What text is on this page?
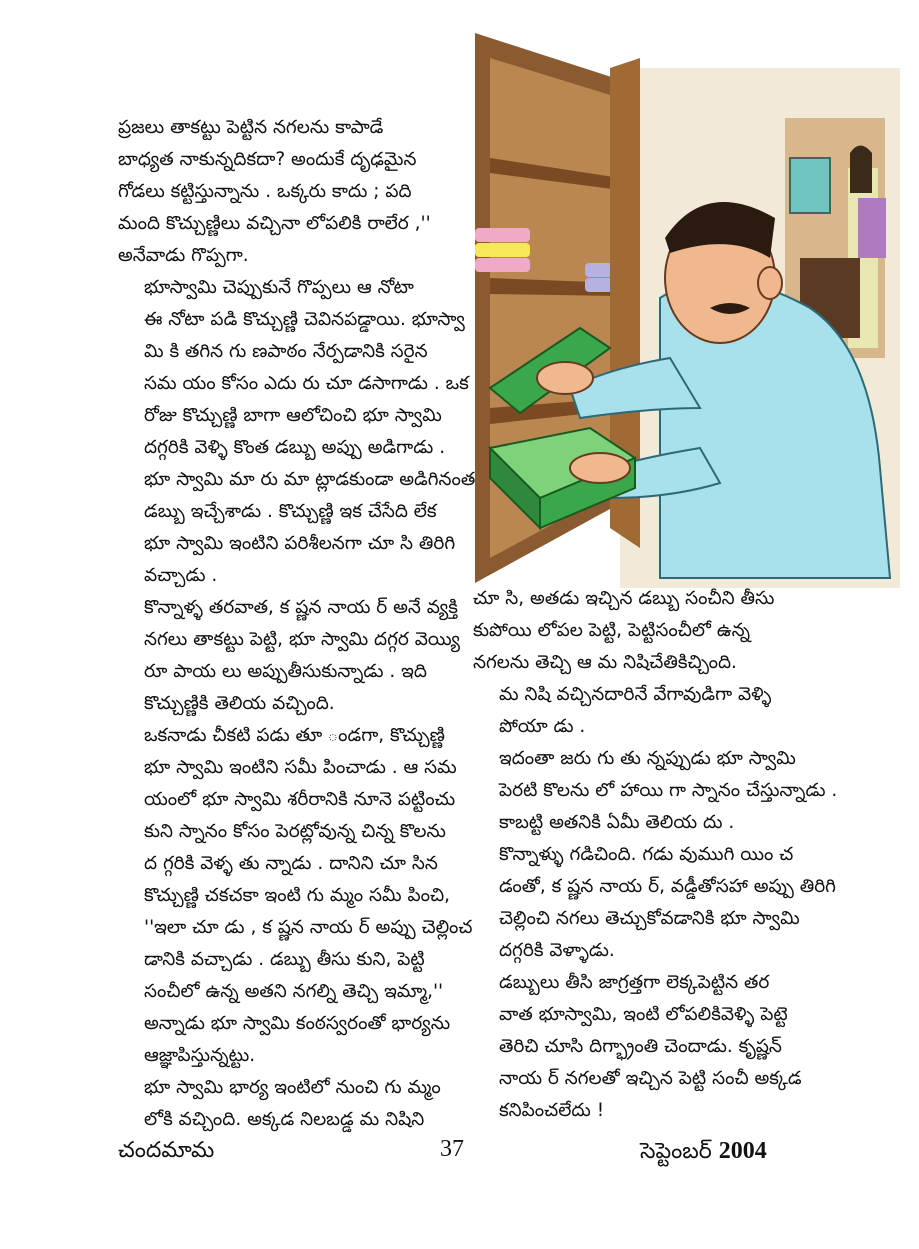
ప్రజలు తాకట్టు పెట్టిన నగలను కాపాడే
బాధ్యత నాకున్నదికదా? అందుకే దృఢమైన
గోడలు కట్టిస్తున్నాను . ఒక్కరు కాదు ; పది
మంది కొచ్చుణ్ణిలు వచ్చినా లోపలికి రాలేర ,''
అనేవాడు గొప్పగా.

భూస్వామి చెప్పుకునే గొప్పలు ఆ నోటా
ఈ నోటా పడి కొచ్చుణ్ణి చెవినపడ్డాయి. భూస్వా
మి కి తగిన గు ణపాఠం నేర్పడానికి సరైన
సమ యం కోసం ఎదు రు చూ డసాగాడు . ఒక
రోజు కొచ్చుణ్ణి బాగా ఆలోచించి భూ స్వామి
దగ్గరికి వెళ్ళి కొంత డబ్బు అప్పు అడిగాడు .
భూ స్వామి మా రు మా ట్లాడకుండా అడిగినంత
డబ్బు ఇచ్చేశాడు . కొచ్చుణ్ణి ఇక చేసేది లేక
భూ స్వామి ఇంటిని పరిశీలనగా చూ సి తిరిగి
వచ్చాడు .

కొన్నాళ్ళ తరవాత, క ష్ణన నాయ ర్ అనే వ్యక్తి
నగలు తాకట్టు పెట్టి, భూ స్వామి దగ్గర వెయ్యి
రూ పాయ లు అప్పుతీసుకున్నాడు . ఇది
కొచ్చుణ్ణికి తెలియ వచ్చింది.

ఒకనాడు చీకటి పడు తూ ండగా, కొచ్చుణ్ణి
భూ స్వామి ఇంటిని సమీ పించాడు . ఆ సమ
యంలో భూ స్వామి శరీరానికి నూనె పట్టించు
కుని స్నానం కోసం పెరట్లోవున్న చిన్న కొలను
ద గ్గరికి వెళ్ళ తు న్నాడు . దానిని చూ సిన
కొచ్చుణ్ణి చకచకా ఇంటి గు మ్మం సమీ పించి,
''ఇలా చూ డు , క ష్ణన నాయ ర్ అప్పు చెల్లించ
డానికి వచ్చాడు . డబ్బు తీసు కుని, పెట్టి
సంచీలో ఉన్న అతని నగల్ని తెచ్చి ఇమ్మా,''
అన్నాడు భూ స్వామి కంఠస్వరంతో భార్యను
ఆజ్ఞాపిస్తున్నట్టు.

భూ స్వామి భార్య ఇంటిలో నుంచి గు మ్మం
లోకి వచ్చింది. అక్కడ నిలబడ్డ మ నిషిని

చూ సి, అతడు ఇచ్చిన డబ్బు సంచీని తీసు
కుపోయి లోపల పెట్టి, పెట్టిసంచీలో ఉన్న
నగలను తెచ్చి ఆ మ నిషిచేతికిచ్చింది.

మ నిషి వచ్చినదారినే వేగావుడిగా వెళ్ళి
పోయా డు .

ఇదంతా జరు గు తు న్నప్పుడు భూ స్వామి
పెరటి కొలను లో హాయి గా స్నానం చేస్తున్నాడు .
కాబట్టి అతనికి ఏమీ తెలియ దు .

కొన్నాళ్ళు గడిచింది. గడు వుముగి యిం చ
డంతో, క ష్ణన నాయ ర్, వడ్డీతోసహా అప్పు తిరిగి
చెల్లించి నగలు తెచ్చుకోవడానికి భూ స్వామి
దగ్గరికి వెళ్ళాడు.

డబ్బులు తీసి జాగ్రత్తగా లెక్కపెట్టిన తర
వాత భూస్వామి, ఇంటి లోపలికివెళ్ళి పెట్టె
తెరిచి చూసి దిగ్భ్రాంతి చెందాడు. కృష్ణన్
నాయ ర్ నగలతో ఇచ్చిన పెట్టి సంచీ అక్కడ
కనిపించలేదు !

చందమామ	37	సెప్టెంబర్ 2004
